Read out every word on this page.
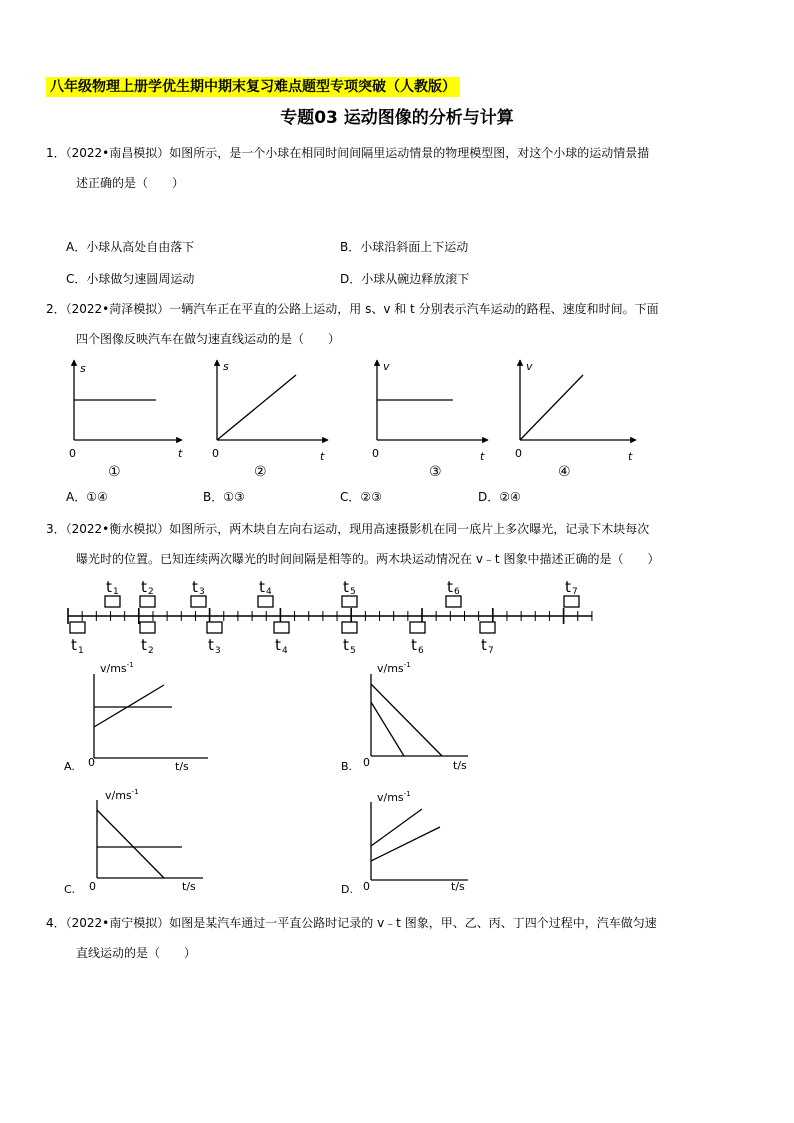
八年级物理上册学优生期中期末复习难点题型专项突破（人教版）
专题03 运动图像的分析与计算
1．（2022•南昌模拟）如图所示，是一个小球在相同时间间隔里运动情景的物理模型图，对这个小球的运动情景描
述正确的是（　　）
A．小球从高处自由落下	B．小球沿斜面上下运动
C．小球做匀速圆周运动	D．小球从碗边释放滚下
2．（2022•菏泽模拟）一辆汽车正在平直的公路上运动，用 s、v 和 t 分别表示汽车运动的路程、速度和时间。下面
四个图像反映汽车在做匀速直线运动的是（　　）
s
t
0
①
s
t
0
②
v
t
0
③
v
t
0
④
A．①④	B．①③	C．②③	D．②④
3．（2022•衡水模拟）如图所示，两木块自左向右运动，现用高速摄影机在同一底片上多次曝光，记录下木块每次
曝光时的位置。已知连续两次曝光的时间间隔是相等的。两木块运动情况在 v﹣t 图象中描述正确的是（　　）
t 1 t 2	t 3	t 4	t 5	t 6	t 7
t 1	t 2	t 3	t 4	t 5	t 6	t 7
$v/ms^{-1}$
t/s
0
A.
$v/ms^{-1}$
t/s
0
B.
$v/ms^{-1}$
t/s
0
C.
$v/ms^{-1}$
t/s
0
D.
4．（2022•南宁模拟）如图是某汽车通过一平直公路时记录的 v﹣t 图象，甲、乙、丙、丁四个过程中，汽车做匀速
直线运动的是（　　）
